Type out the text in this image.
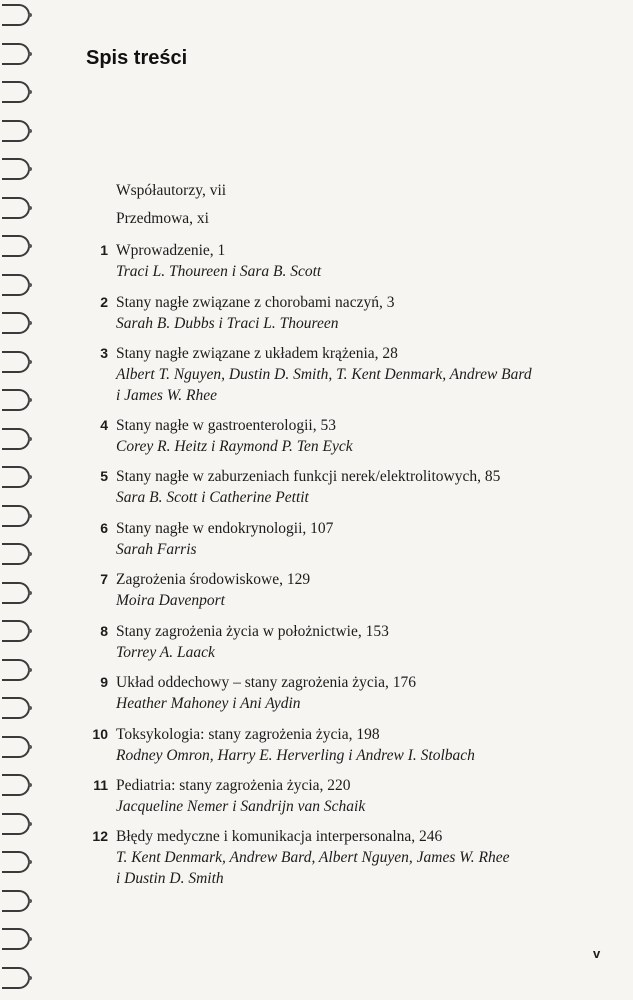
Spis treści
Współautorzy, vii
Przedmowa, xi
1 Wprowadzenie, 1
Traci L. Thoureen i Sara B. Scott
2 Stany nagłe związane z chorobami naczyń, 3
Sarah B. Dubbs i Traci L. Thoureen
3 Stany nagłe związane z układem krążenia, 28
Albert T. Nguyen, Dustin D. Smith, T. Kent Denmark, Andrew Bard
i James W. Rhee
4 Stany nagłe w gastroenterologii, 53
Corey R. Heitz i Raymond P. Ten Eyck
5 Stany nagłe w zaburzeniach funkcji nerek/elektrolitowych, 85
Sara B. Scott i Catherine Pettit
6 Stany nagłe w endokrynologii, 107
Sarah Farris
7 Zagrożenia środowiskowe, 129
Moira Davenport
8 Stany zagrożenia życia w położnictwie, 153
Torrey A. Laack
9 Układ oddechowy – stany zagrożenia życia, 176
Heather Mahoney i Ani Aydin
10 Toksykologia: stany zagrożenia życia, 198
Rodney Omron, Harry E. Herverling i Andrew I. Stolbach
11 Pediatria: stany zagrożenia życia, 220
Jacqueline Nemer i Sandrijn van Schaik
12 Błędy medyczne i komunikacja interpersonalna, 246
T. Kent Denmark, Andrew Bard, Albert Nguyen, James W. Rhee
i Dustin D. Smith
v
